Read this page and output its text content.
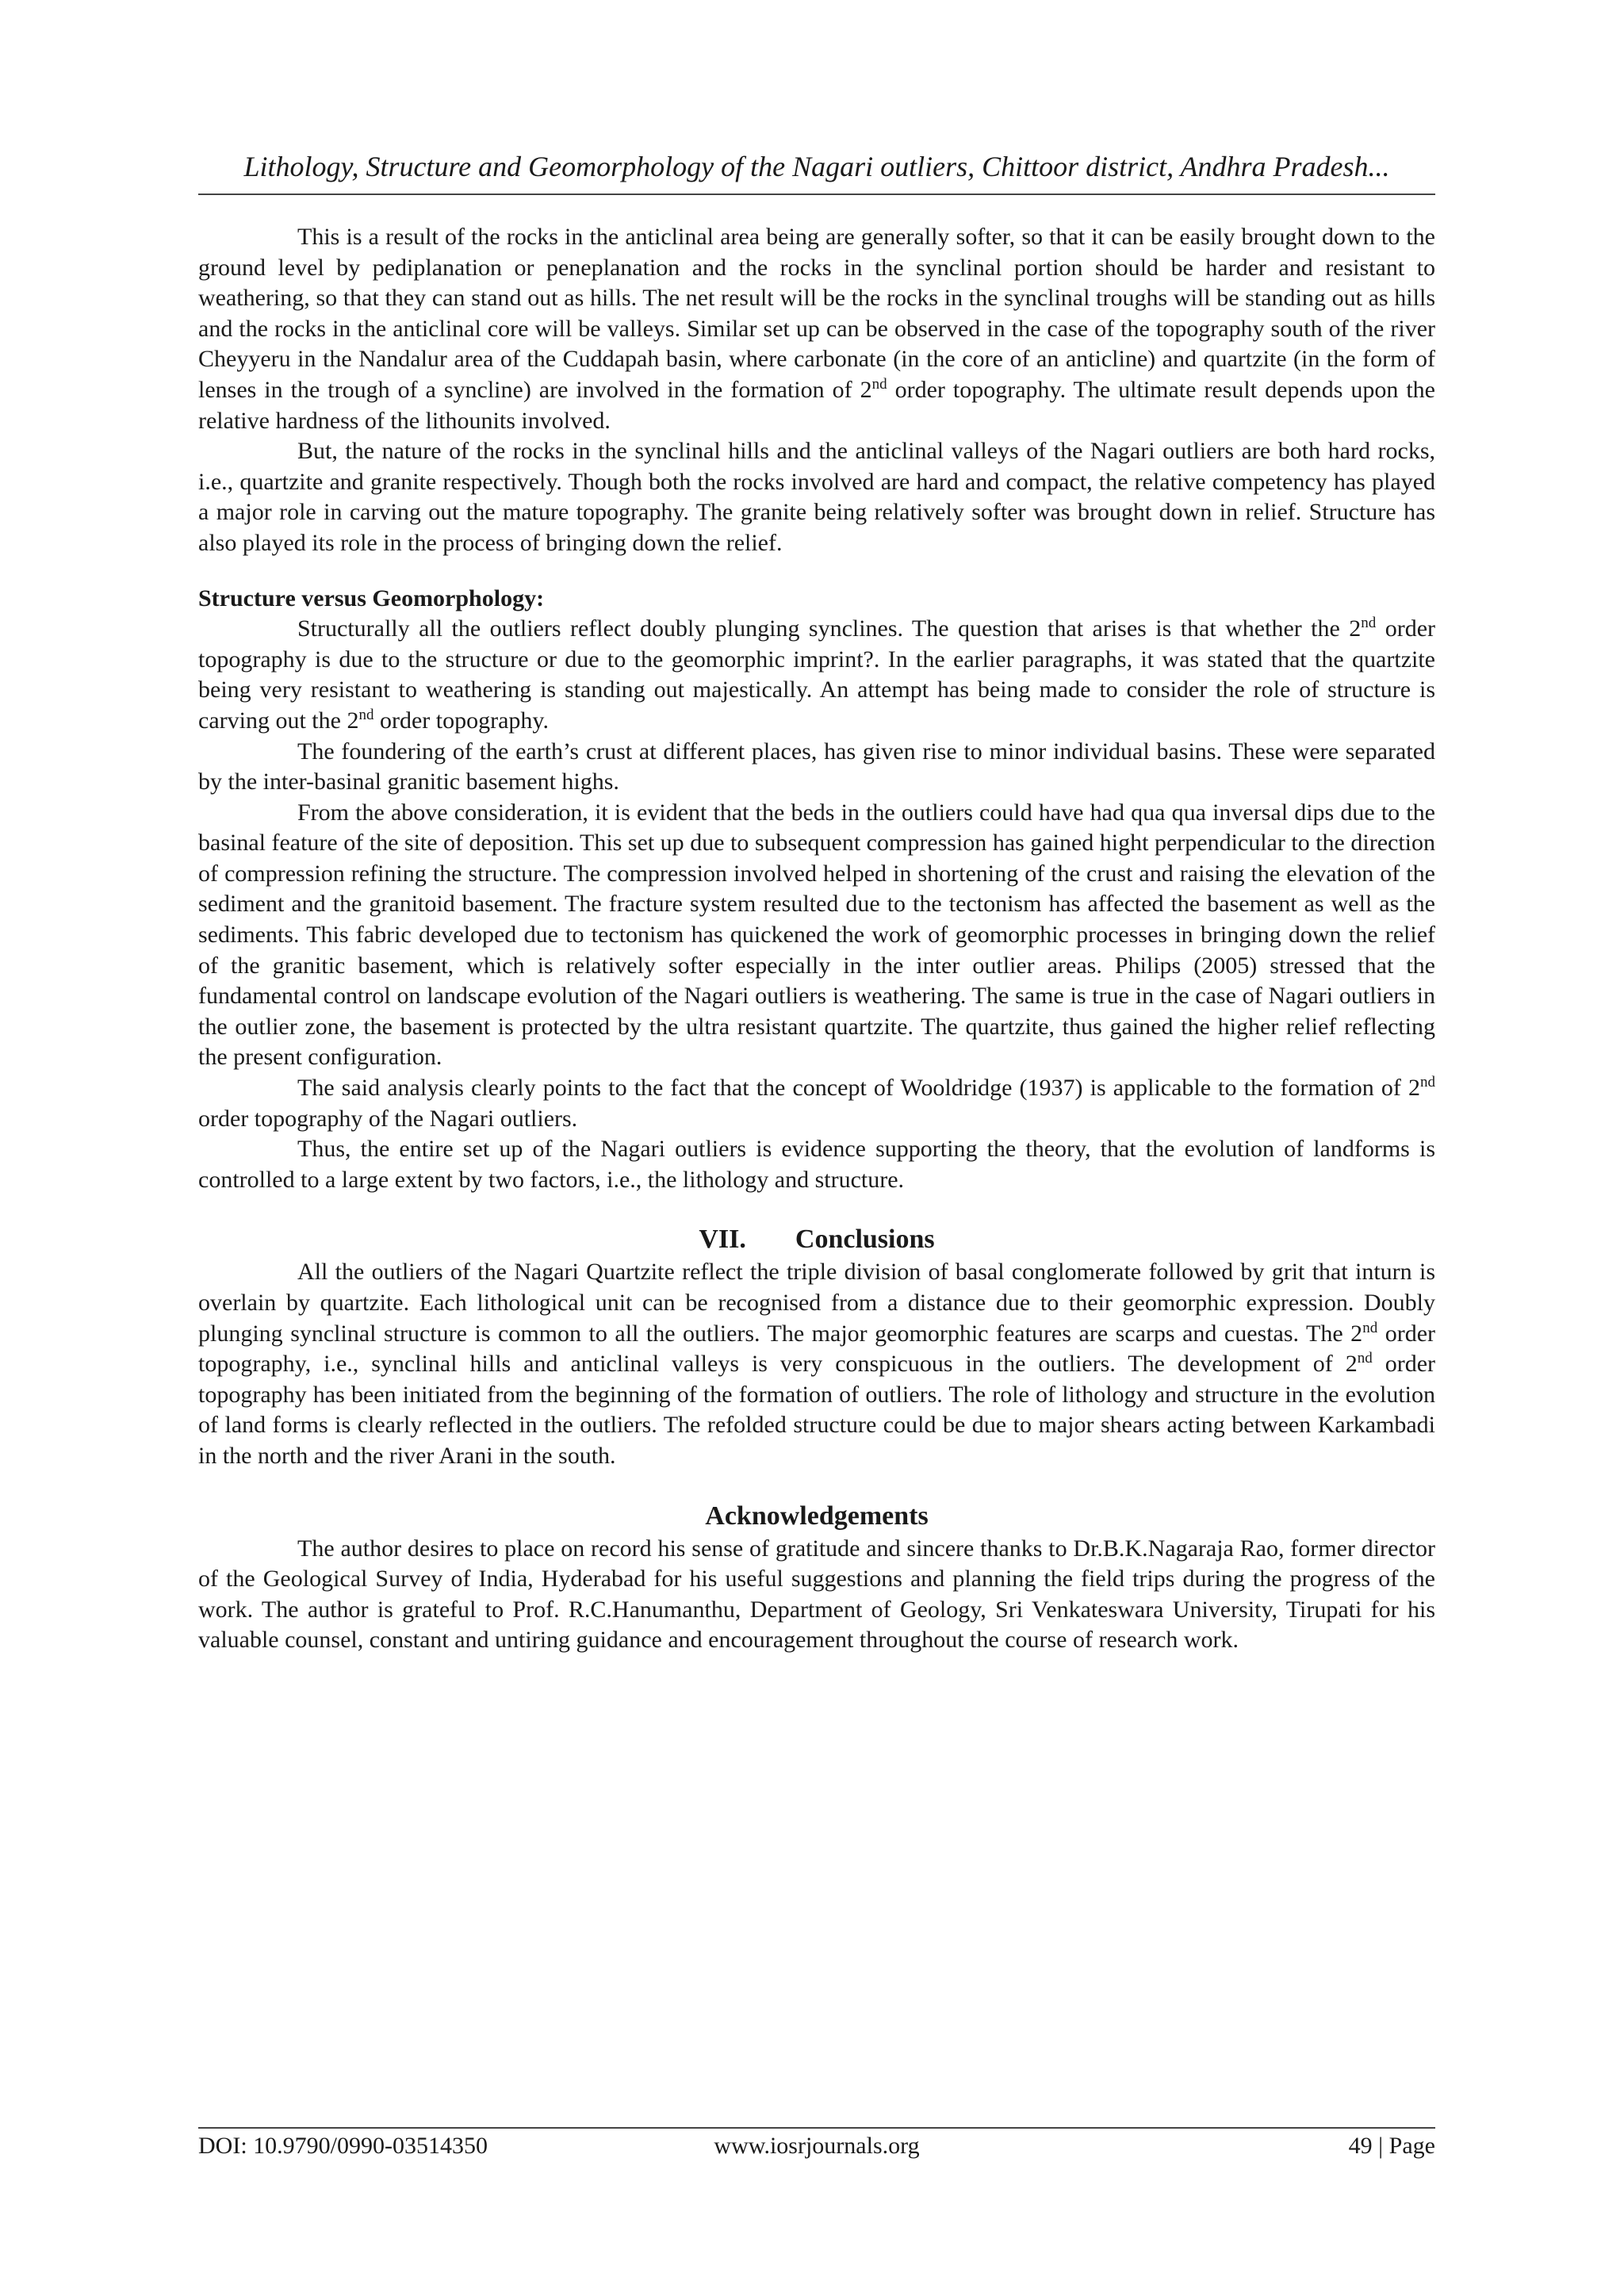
Lithology, Structure and Geomorphology of the Nagari outliers, Chittoor district, Andhra Pradesh...

This is a result of the rocks in the anticlinal area being are generally softer, so that it can be easily brought down to the ground level by pediplanation or peneplanation and the rocks in the synclinal portion should be harder and resistant to weathering, so that they can stand out as hills. The net result will be the rocks in the synclinal troughs will be standing out as hills and the rocks in the anticlinal core will be valleys. Similar set up can be observed in the case of the topography south of the river Cheyyeru in the Nandalur area of the Cuddapah basin, where carbonate (in the core of an anticline) and quartzite (in the form of lenses in the trough of a syncline) are involved in the formation of 2nd order topography. The ultimate result depends upon the relative hardness of the lithounits involved.

But, the nature of the rocks in the synclinal hills and the anticlinal valleys of the Nagari outliers are both hard rocks, i.e., quartzite and granite respectively. Though both the rocks involved are hard and compact, the relative competency has played a major role in carving out the mature topography. The granite being relatively softer was brought down in relief. Structure has also played its role in the process of bringing down the relief.

Structure versus Geomorphology:

Structurally all the outliers reflect doubly plunging synclines. The question that arises is that whether the 2nd order topography is due to the structure or due to the geomorphic imprint?. In the earlier paragraphs, it was stated that the quartzite being very resistant to weathering is standing out majestically. An attempt has being made to consider the role of structure is carving out the 2nd order topography.

The foundering of the earth’s crust at different places, has given rise to minor individual basins. These were separated by the inter-basinal granitic basement highs.

From the above consideration, it is evident that the beds in the outliers could have had qua qua inversal dips due to the basinal feature of the site of deposition. This set up due to subsequent compression has gained hight perpendicular to the direction of compression refining the structure. The compression involved helped in shortening of the crust and raising the elevation of the sediment and the granitoid basement. The fracture system resulted due to the tectonism has affected the basement as well as the sediments. This fabric developed due to tectonism has quickened the work of geomorphic processes in bringing down the relief of the granitic basement, which is relatively softer especially in the inter outlier areas. Philips (2005) stressed that the fundamental control on landscape evolution of the Nagari outliers is weathering. The same is true in the case of Nagari outliers in the outlier zone, the basement is protected by the ultra resistant quartzite. The quartzite, thus gained the higher relief reflecting the present configuration.

The said analysis clearly points to the fact that the concept of Wooldridge (1937) is applicable to the formation of 2nd order topography of the Nagari outliers.

Thus, the entire set up of the Nagari outliers is evidence supporting the theory, that the evolution of landforms is controlled to a large extent by two factors, i.e., the lithology and structure.

VII. Conclusions

All the outliers of the Nagari Quartzite reflect the triple division of basal conglomerate followed by grit that inturn is overlain by quartzite. Each lithological unit can be recognised from a distance due to their geomorphic expression. Doubly plunging synclinal structure is common to all the outliers. The major geomorphic features are scarps and cuestas. The 2nd order topography, i.e., synclinal hills and anticlinal valleys is very conspicuous in the outliers. The development of 2nd order topography has been initiated from the beginning of the formation of outliers. The role of lithology and structure in the evolution of land forms is clearly reflected in the outliers. The refolded structure could be due to major shears acting between Karkambadi in the north and the river Arani in the south.

Acknowledgements

The author desires to place on record his sense of gratitude and sincere thanks to Dr.B.K.Nagaraja Rao, former director of the Geological Survey of India, Hyderabad for his useful suggestions and planning the field trips during the progress of the work. The author is grateful to Prof. R.C.Hanumanthu, Department of Geology, Sri Venkateswara University, Tirupati for his valuable counsel, constant and untiring guidance and encouragement throughout the course of research work.

DOI: 10.9790/0990-03514350	www.iosrjournals.org	49 | Page
